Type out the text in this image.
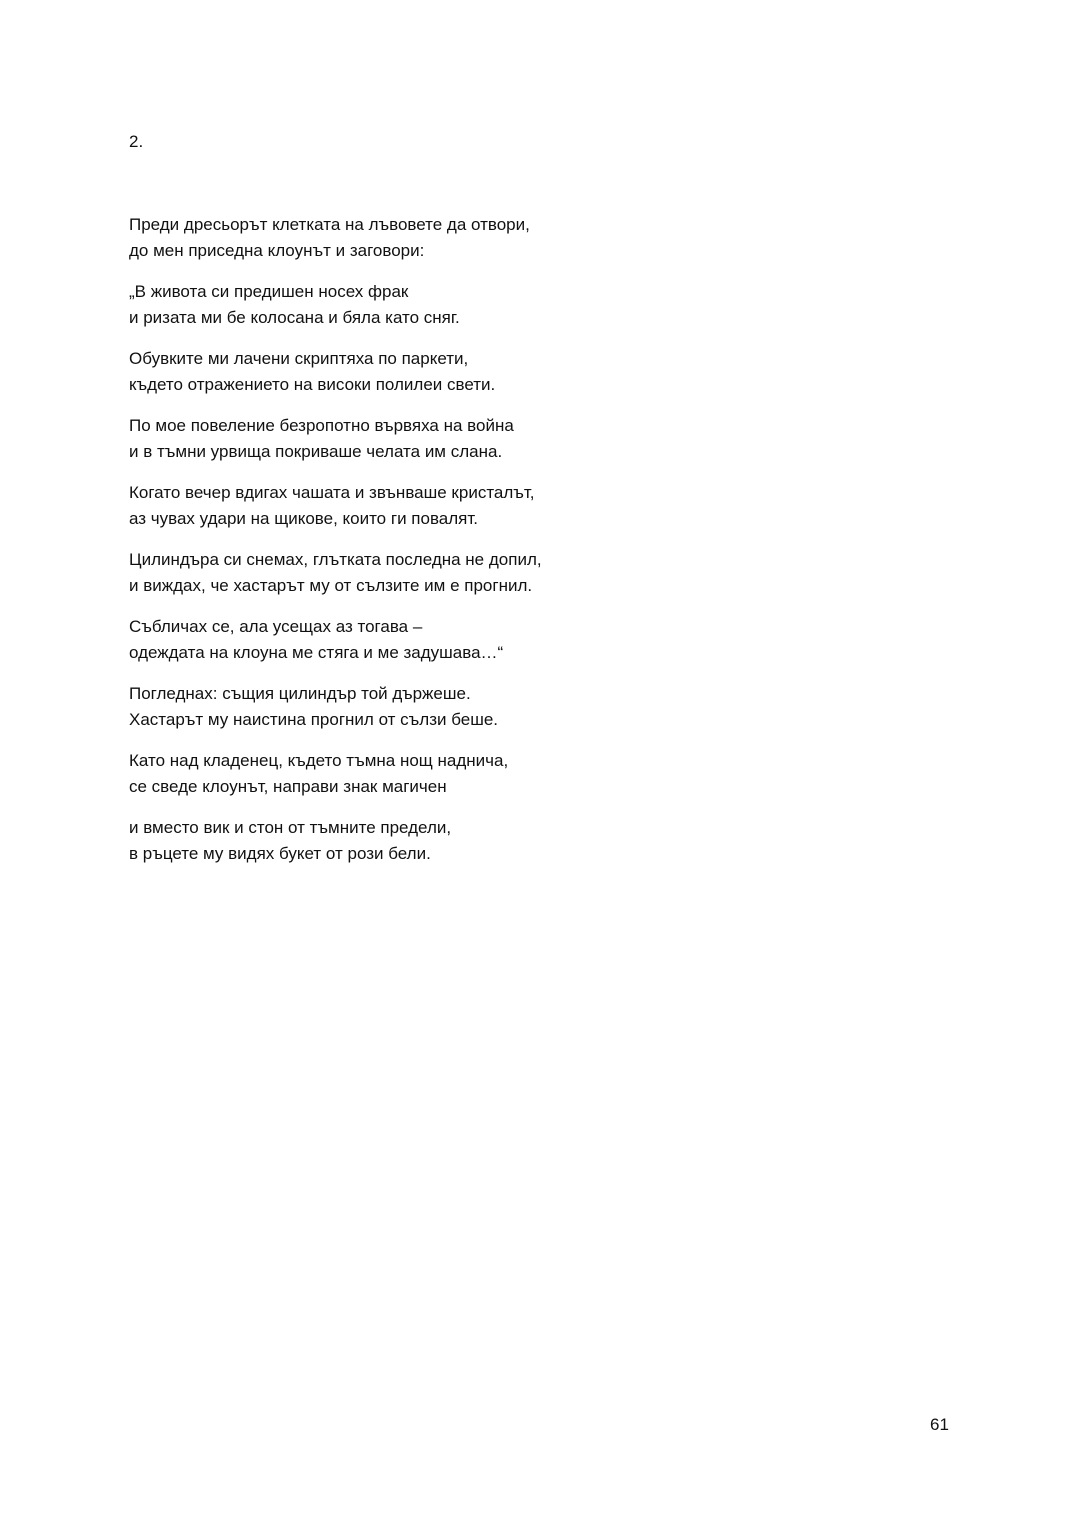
2.

Преди дресьорът клетката на лъвовете да отвори,
до мен приседна клоунът и заговори:

„В живота си предишен носех фрак
и ризата ми бе колосана и бяла като сняг.

Обувките ми лачени скриптяха по паркети,
където отражението на високи полилеи свети.

По мое повеление безропотно вървяха на война
и в тъмни урвища покриваше челата им слана.

Когато вечер вдигах чашата и звънваше кристалът,
аз чувах удари на щикове, които ги повалят.

Цилиндъра си снемах, глътката последна не допил,
и виждах, че хастарът му от сълзите им е прогнил.

Събличах се, ала усещах аз тогава –
одеждата на клоуна ме стяга и ме задушава…“

Погледнах: същия цилиндър той държеше.
Хастарът му наистина прогнил от сълзи беше.

Като над кладенец, където тъмна нощ надничa,
се сведе клоунът, направи знак магичен

и вместо вик и стон от тъмните предели,
в ръцете му видях букет от рози бели.

61
